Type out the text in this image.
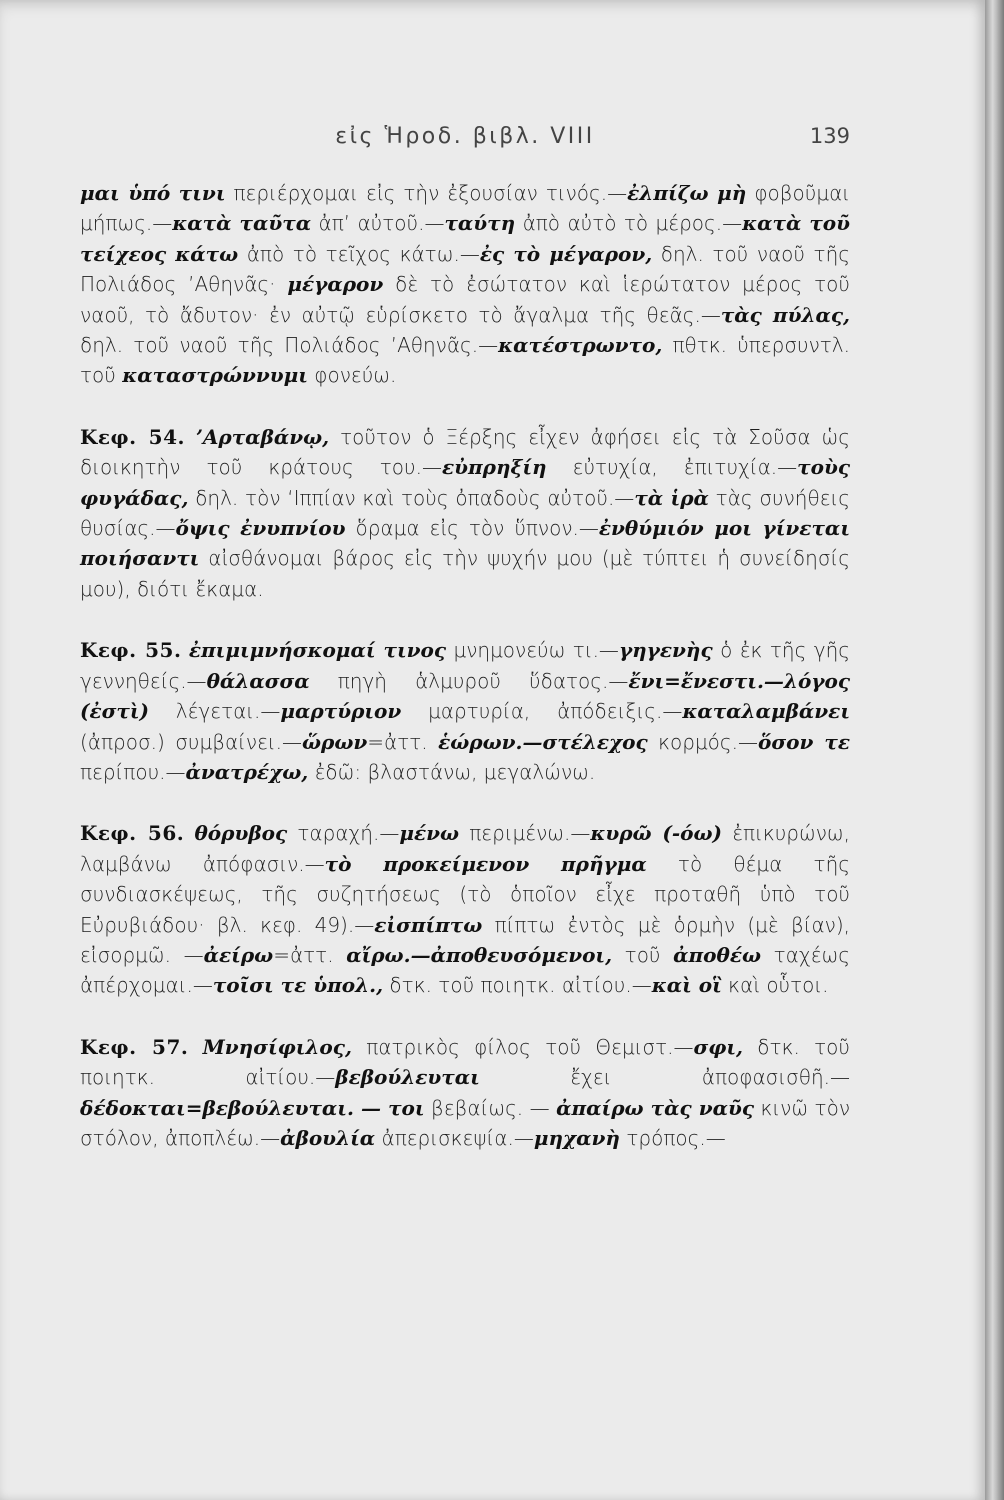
εἰς Ἡροδ. βιβλ. VIII	139

μαι ὑπό τινι περιέρχομαι εἰς τὴν ἐξουσίαν τινός.—ἐλπίζω μὴ φοβοῦμαι μήπως.—κατὰ ταῦτα ἀπ’ αὐτοῦ.—ταύτη ἀπὸ αὐτὸ τὸ μέρος.—κατὰ τοῦ τείχεος κάτω ἀπὸ τὸ τεῖχος κάτω.—ἐς τὸ μέγαρον, δηλ. τοῦ ναοῦ τῆς Πολιάδος ’Αθηνᾶς· μέγαρον δὲ τὸ ἐσώτατον καὶ ἱερώτατον μέρος τοῦ ναοῦ, τὸ ἄδυτον· ἐν αὐτῷ εὑρίσκετο τὸ ἄγαλμα τῆς θεᾶς.—τὰς πύλας, δηλ. τοῦ ναοῦ τῆς Πολιάδος ’Αθηνᾶς.—κατέστρωντο, πθτκ. ὑπερσυντλ. τοῦ καταστρώννυμι φονεύω.

Κεφ. 54. ’Αρταβάνῳ, τοῦτον ὁ Ξέρξης εἶχεν ἀφήσει εἰς τὰ Σοῦσα ὡς διοικητὴν τοῦ κράτους του.—εὐπρηξίη εὐτυχία, ἐπιτυχία.—τοὺς φυγάδας, δηλ. τὸν ‘Ιππίαν καὶ τοὺς ὀπαδοὺς αὐτοῦ.—τὰ ἱρὰ τὰς συνήθεις θυσίας.—ὄψις ἐνυπνίου ὅραμα εἰς τὸν ὕπνον.—ἐνθύμιόν μοι γίνεται ποιήσαντι αἰσθάνομαι βάρος εἰς τὴν ψυχήν μου (μὲ τύπτει ἡ συνείδησίς μου), διότι ἔκαμα.

Κεφ. 55. ἐπιμιμνήσκομαί τινος μνημονεύω τι.—γηγενὴς ὁ ἐκ τῆς γῆς γεννηθείς.—θάλασσα πηγὴ ἁλμυροῦ ὕδατος.—ἔνι=ἔνεστι.—λόγος (ἐστὶ) λέγεται.—μαρτύριον μαρτυρία, ἀπόδειξις.—καταλαμβάνει (ἀπροσ.) συμβαίνει.—ὥρων=ἀττ. ἑώρων.—στέλεχος κορμός.—ὅσον τε περίπου.—ἀνατρέχω, ἐδῶ: βλαστάνω, μεγαλώνω.

Κεφ. 56. θόρυβος ταραχή.—μένω περιμένω.—κυρῶ (-όω) ἐπικυρώνω, λαμβάνω ἀπόφασιν.—τὸ προκείμενον πρῆγμα τὸ θέμα τῆς συνδιασκέψεως, τῆς συζητήσεως (τὸ ὁποῖον εἶχε προταθῆ ὑπὸ τοῦ Εὐρυβιάδου· βλ. κεφ. 49).—εἰσπίπτω πίπτω ἐντὸς μὲ ὁρμὴν (μὲ βίαν), εἰσορμῶ. —ἀείρω=ἀττ. αἴρω.—ἀποθευσόμενοι, τοῦ ἀποθέω ταχέως ἀπέρχομαι.—τοῖσι τε ὑπολ., δτκ. τοῦ ποιητκ. αἰτίου.—καὶ οἳ καὶ οὗτοι.

Κεφ. 57. Μνησίφιλος, πατρικὸς φίλος τοῦ Θεμιστ.—σφι, δτκ. τοῦ ποιητκ. αἰτίου.—βεβούλευται ἔχει ἀποφασισθῆ.—δέδοκται=βεβούλευται. — τοι βεβαίως. — ἀπαίρω τὰς ναῦς κινῶ τὸν στόλον, ἀποπλέω.—ἀβουλία ἀπερισκεψία.—μηχανὴ τρόπος.—
